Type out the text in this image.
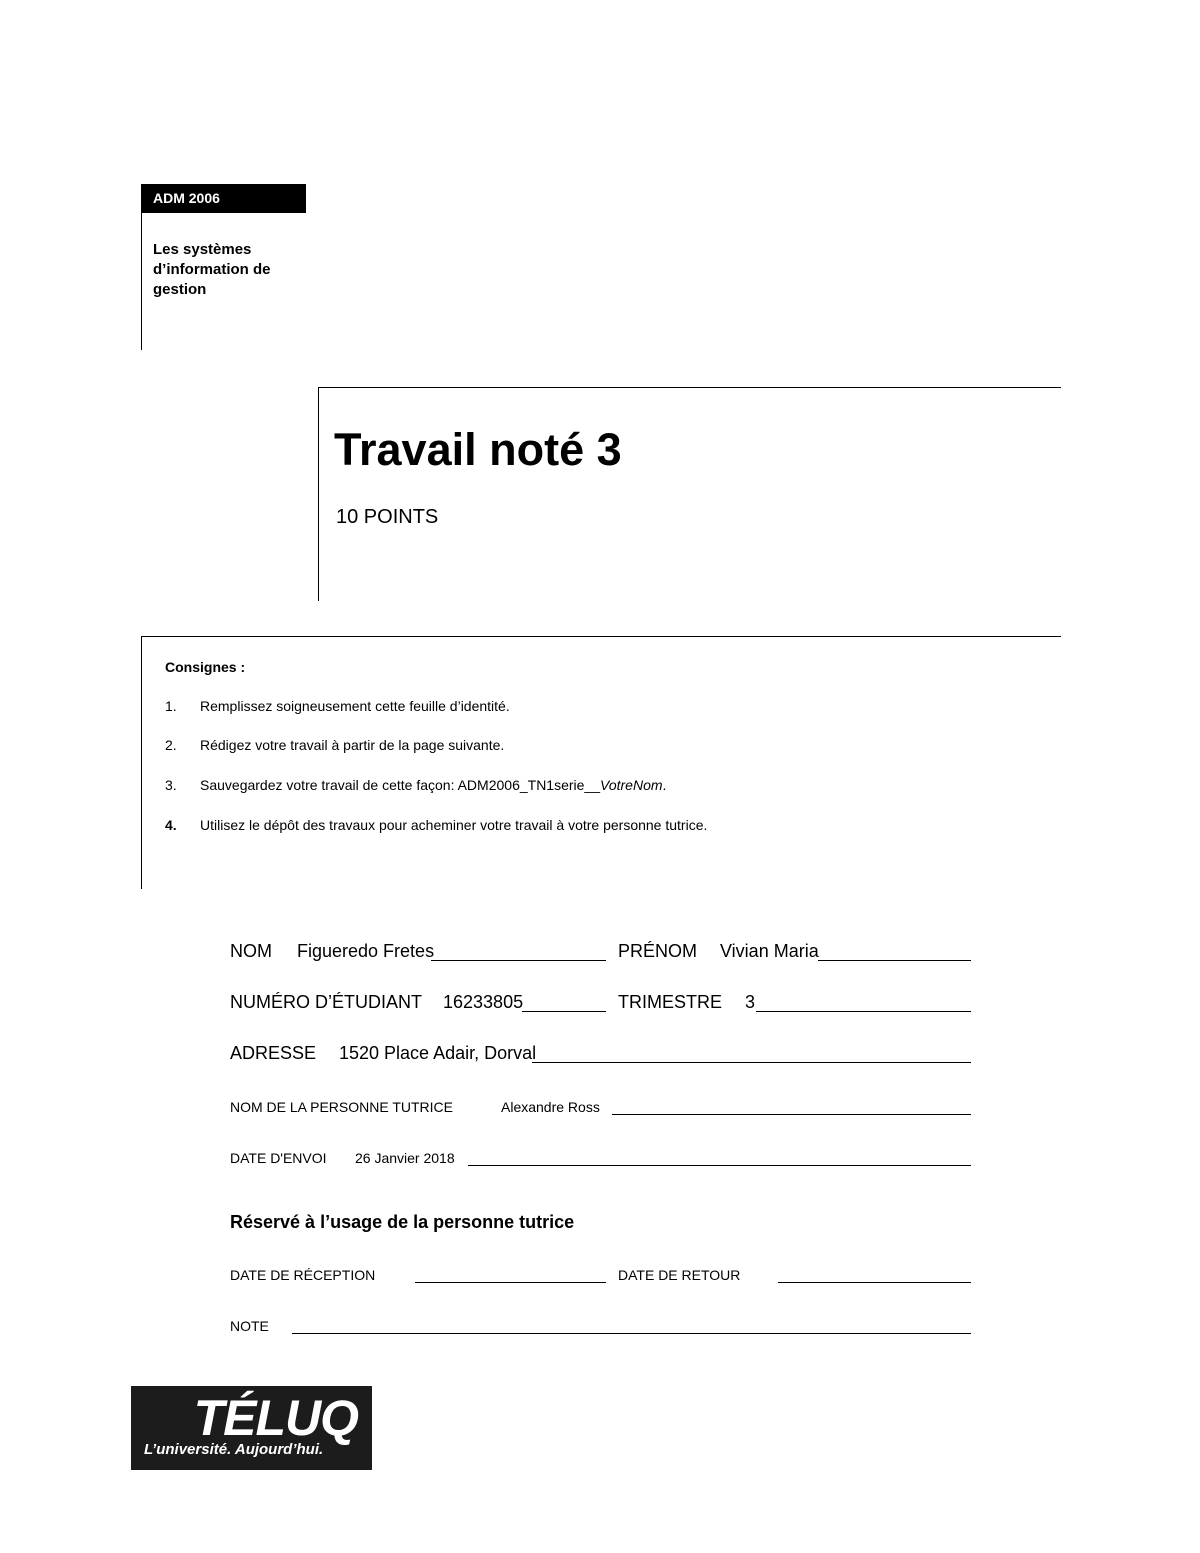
ADM 2006
Les systèmes d’information de gestion
Travail noté 3
10 POINTS
Consignes :
1. Remplissez soigneusement cette feuille d’identité.
2. Rédigez votre travail à partir de la page suivante.
3. Sauvegardez votre travail de cette façon: ADM2006_TN1serie__VotreNom.
4. Utilisez le dépôt des travaux pour acheminer votre travail à votre personne tutrice.
NOM Figueredo Fretes	PRÉNOM Vivian Maria
NUMÉRO D’ÉTUDIANT 16233805	TRIMESTRE 3
ADRESSE 1520 Place Adair, Dorval
NOM DE LA PERSONNE TUTRICE	Alexandre Ross
DATE D'ENVOI 26 Janvier 2018
Réservé à l’usage de la personne tutrice
DATE DE RÉCEPTION	DATE DE RETOUR
NOTE
TÉLUQ
L’université. Aujourd’hui.
